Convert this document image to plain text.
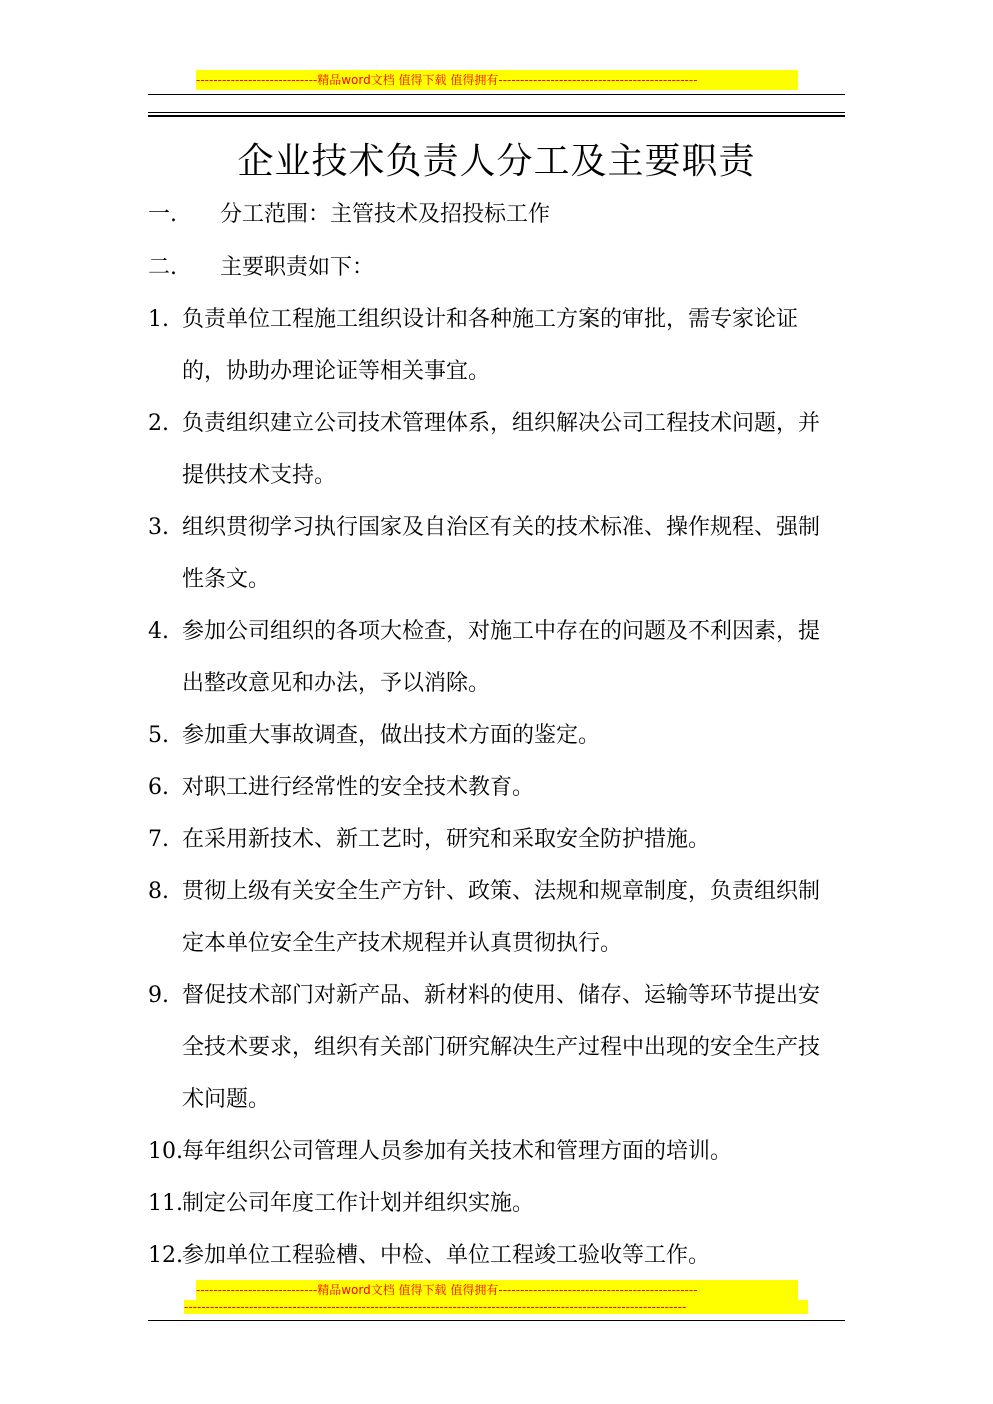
----------------------------精品word文档 值得下载 值得拥有----------------------------------------------
企业技术负责人分工及主要职责
一. 分工范围：主管技术及招投标工作
二. 主要职责如下：
1. 负责单位工程施工组织设计和各种施工方案的审批，需专家论证的，协助办理论证等相关事宜。
2. 负责组织建立公司技术管理体系，组织解决公司工程技术问题，并提供技术支持。
3. 组织贯彻学习执行国家及自治区有关的技术标准、操作规程、强制性条文。
4. 参加公司组织的各项大检查，对施工中存在的问题及不利因素，提出整改意见和办法，予以消除。
5. 参加重大事故调查，做出技术方面的鉴定。
6. 对职工进行经常性的安全技术教育。
7. 在采用新技术、新工艺时，研究和采取安全防护措施。
8. 贯彻上级有关安全生产方针、政策、法规和规章制度，负责组织制定本单位安全生产技术规程并认真贯彻执行。
9. 督促技术部门对新产品、新材料的使用、储存、运输等环节提出安全技术要求，组织有关部门研究解决生产过程中出现的安全生产技术问题。
10. 每年组织公司管理人员参加有关技术和管理方面的培训。
11. 制定公司年度工作计划并组织实施。
12. 参加单位工程验槽、中检、单位工程竣工验收等工作。
----------------------------精品word文档 值得下载 值得拥有----------------------------------------------
--------------------------------------------------------------------------------------------------------------------
